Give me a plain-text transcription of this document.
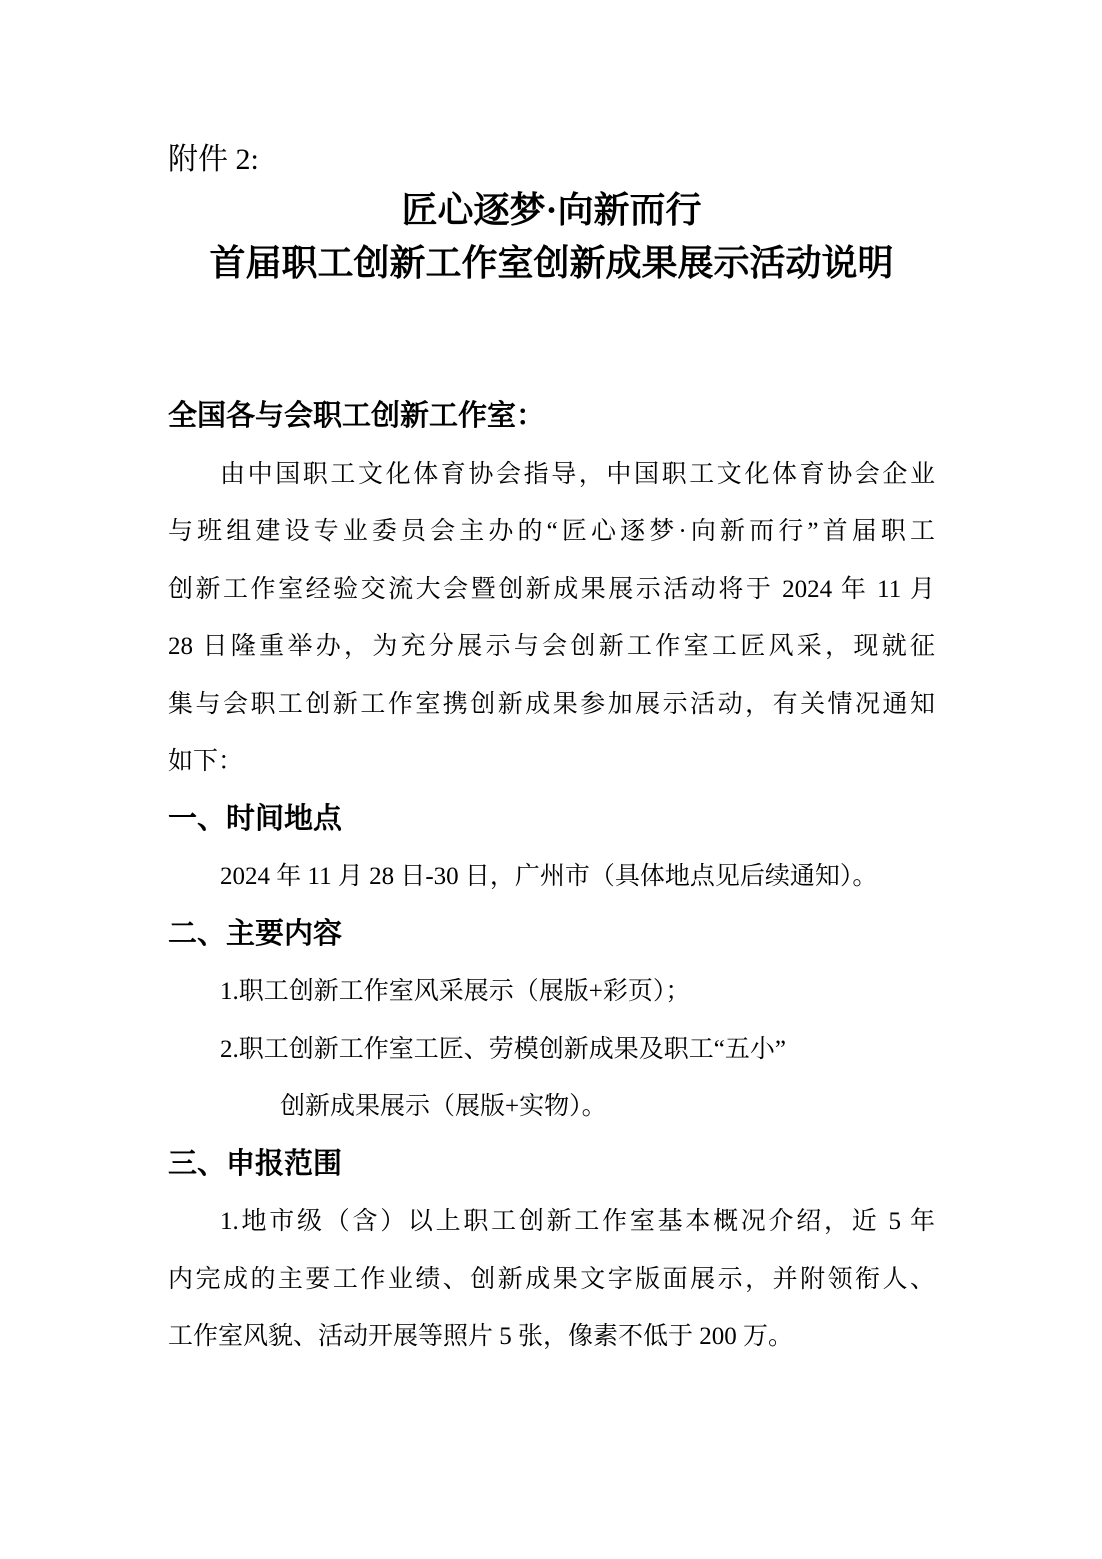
附件 2:
匠心逐梦·向新而行
首届职工创新工作室创新成果展示活动说明
全国各与会职工创新工作室：
由中国职工文化体育协会指导，中国职工文化体育协会企业
与班组建设专业委员会主办的“匠心逐梦·向新而行”首届职工
创新工作室经验交流大会暨创新成果展示活动将于 2024 年 11 月
28 日隆重举办，为充分展示与会创新工作室工匠风采，现就征
集与会职工创新工作室携创新成果参加展示活动，有关情况通知
如下：
一、时间地点
2024 年 11 月 28 日-30 日，广州市（具体地点见后续通知）。
二、主要内容
1.职工创新工作室风采展示（展版+彩页）；
2.职工创新工作室工匠、劳模创新成果及职工“五小”
创新成果展示（展版+实物）。
三、申报范围
1.地市级（含）以上职工创新工作室基本概况介绍，近 5 年
内完成的主要工作业绩、创新成果文字版面展示，并附领衔人、
工作室风貌、活动开展等照片 5 张，像素不低于 200 万。
